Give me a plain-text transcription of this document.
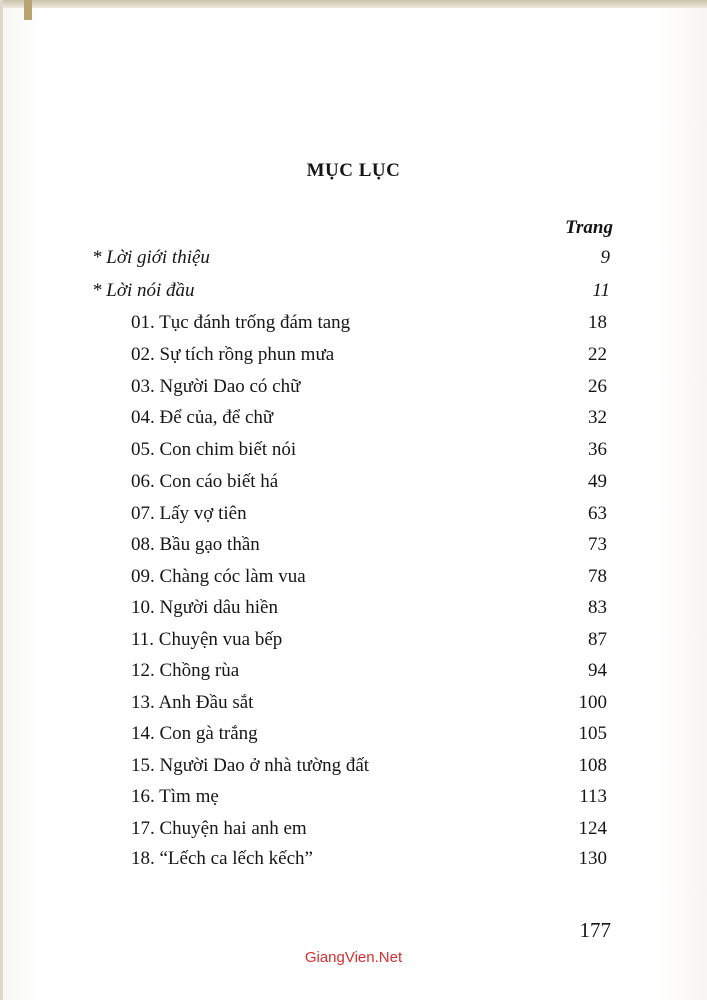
MỤC LỤC
Trang
* Lời giới thiệu	9
* Lời nói đầu	11
01. Tục đánh trống đám tang	18
02. Sự tích rồng phun mưa	22
03. Người Dao có chữ	26
04. Để của, để chữ	32
05. Con chim biết nói	36
06. Con cáo biết há	49
07. Lấy vợ tiên	63
08. Bầu gạo thần	73
09. Chàng cóc làm vua	78
10. Người dâu hiền	83
11. Chuyện vua bếp	87
12. Chồng rùa	94
13. Anh Đầu sắt	100
14. Con gà trắng	105
15. Người Dao ở nhà tường đất	108
16. Tìm mẹ	113
17. Chuyện hai anh em	124
18. “Lếch ca lếch kếch”	130
177
GiangVien.Net
